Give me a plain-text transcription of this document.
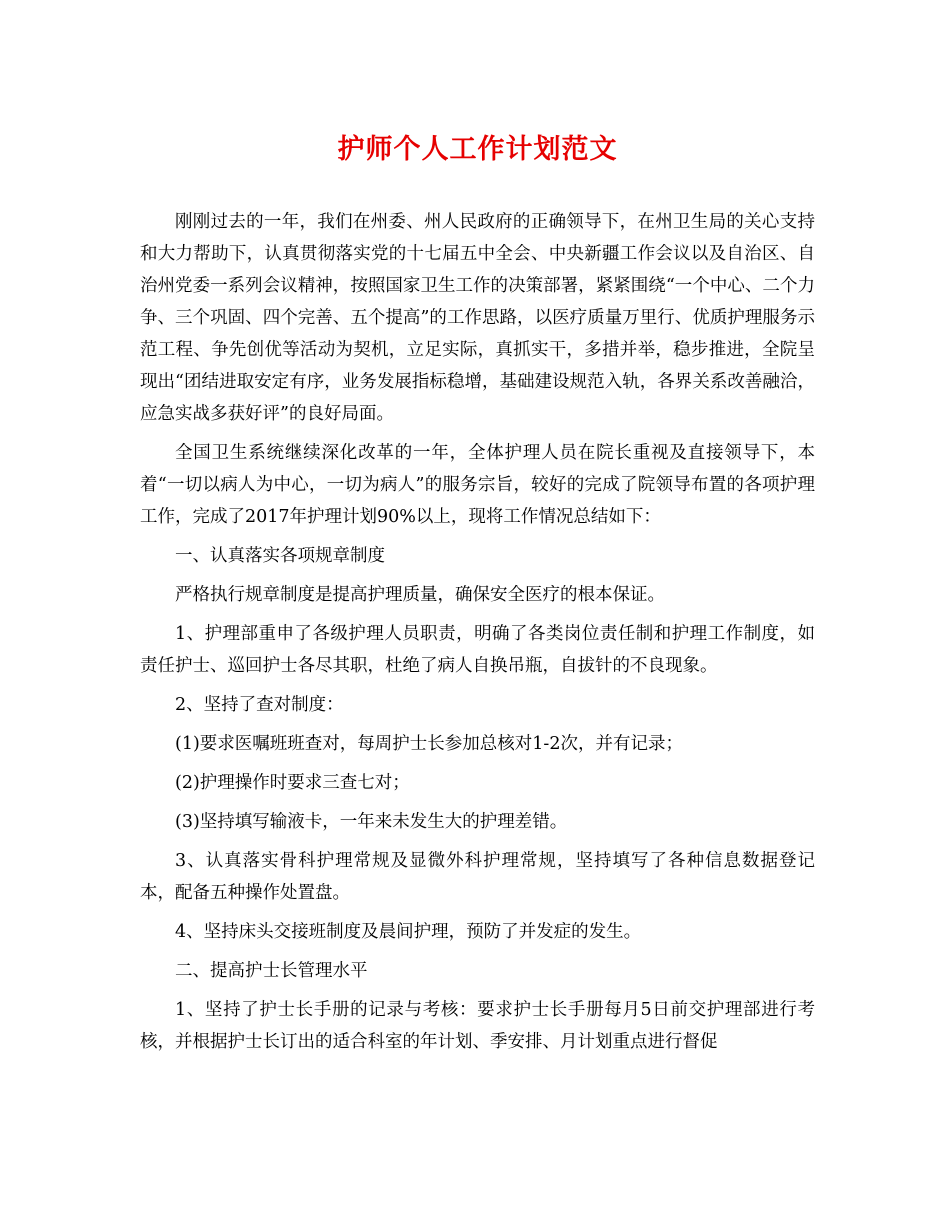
护师个人工作计划范文

刚刚过去的一年，我们在州委、州人民政府的正确领导下，在州卫生局的关心支持和大力帮助下，认真贯彻落实党的十七届五中全会、中央新疆工作会议以及自治区、自治州党委一系列会议精神，按照国家卫生工作的决策部署，紧紧围绕“一个中心、二个力争、三个巩固、四个完善、五个提高”的工作思路，以医疗质量万里行、优质护理服务示范工程、争先创优等活动为契机，立足实际，真抓实干，多措并举，稳步推进，全院呈现出“团结进取安定有序，业务发展指标稳增，基础建设规范入轨，各界关系改善融洽，应急实战多获好评”的良好局面。

全国卫生系统继续深化改革的一年，全体护理人员在院长重视及直接领导下，本着“一切以病人为中心，一切为病人”的服务宗旨，较好的完成了院领导布置的各项护理工作，完成了2017年护理计划90%以上，现将工作情况总结如下：

一、认真落实各项规章制度

严格执行规章制度是提高护理质量，确保安全医疗的根本保证。

1、护理部重申了各级护理人员职责，明确了各类岗位责任制和护理工作制度，如责任护士、巡回护士各尽其职，杜绝了病人自换吊瓶，自拔针的不良现象。

2、坚持了查对制度：

(1)要求医嘱班班查对，每周护士长参加总核对1-2次，并有记录；

(2)护理操作时要求三查七对；

(3)坚持填写输液卡，一年来未发生大的护理差错。

3、认真落实骨科护理常规及显微外科护理常规，坚持填写了各种信息数据登记本，配备五种操作处置盘。

4、坚持床头交接班制度及晨间护理，预防了并发症的发生。

二、提高护士长管理水平

1、坚持了护士长手册的记录与考核：要求护士长手册每月5日前交护理部进行考核，并根据护士长订出的适合科室的年计划、季安排、月计划重点进行督促
